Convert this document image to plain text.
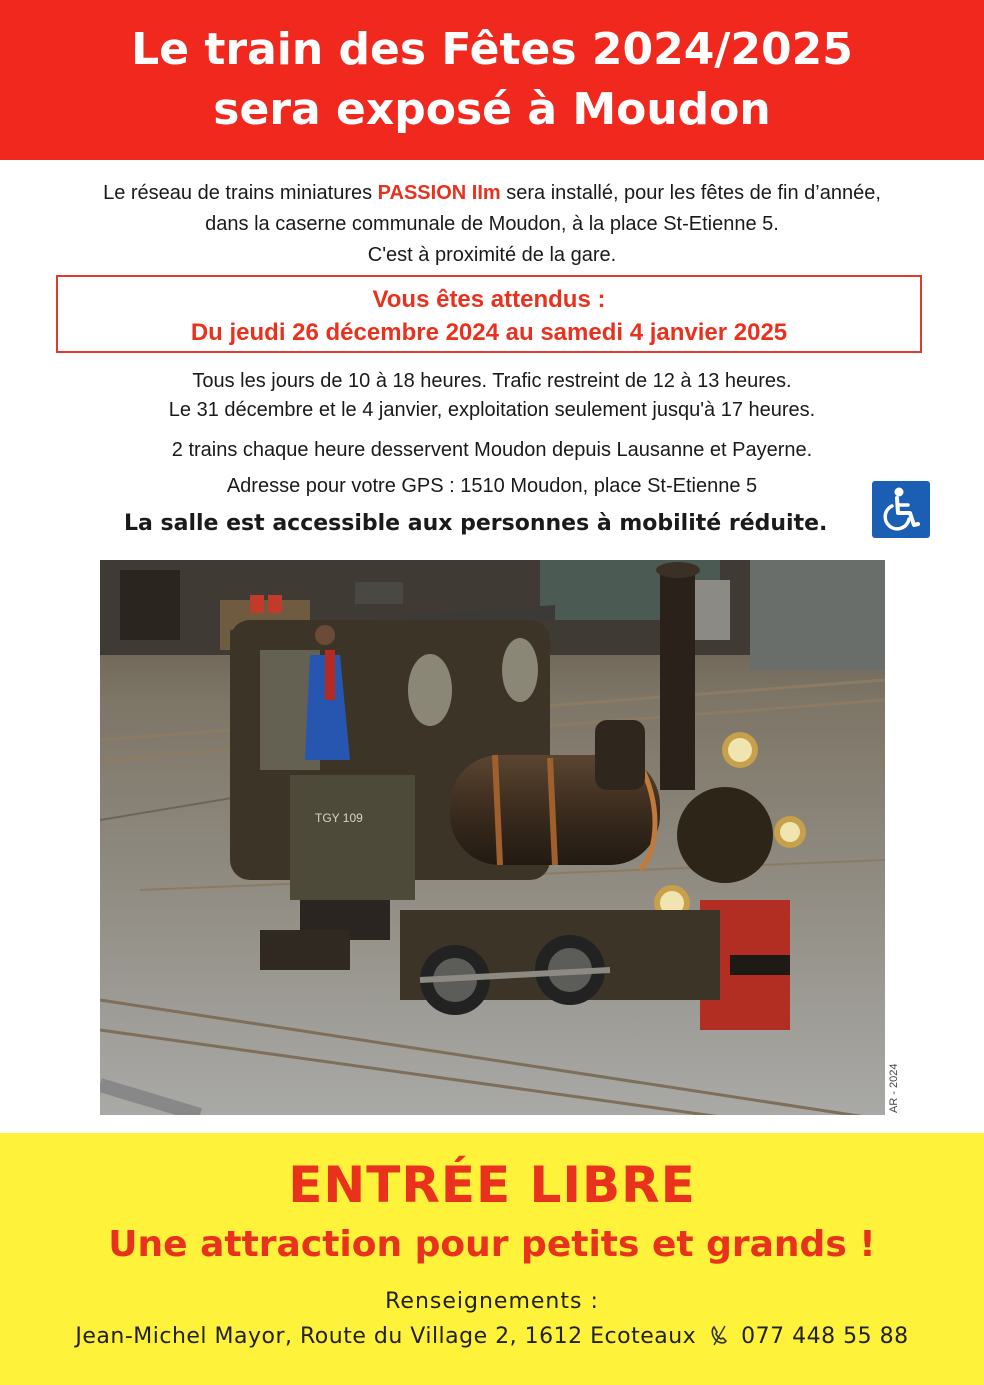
Le train des Fêtes 2024/2025
sera exposé à Moudon
Le réseau de trains miniatures PASSION IIm sera installé, pour les fêtes de fin d’année,
dans la caserne communale de Moudon, à la place St-Etienne 5.
C'est à proximité de la gare.
Vous êtes attendus :
Du jeudi 26 décembre 2024 au samedi 4 janvier 2025
Tous les jours de 10 à 18 heures. Trafic restreint de 12 à 13 heures.
Le 31 décembre et le 4 janvier, exploitation seulement jusqu'à 17 heures.
2 trains chaque heure desservent Moudon depuis Lausanne et Payerne.
Adresse pour votre GPS : 1510 Moudon, place St-Etienne 5
La salle est accessible aux personnes à mobilité réduite.
TGY 109
AR - 2024
ENTRÉE LIBRE
Une attraction pour petits et grands !
Renseignements :
Jean-Michel Mayor, Route du Village 2, 1612 Ecoteaux 077 448 55 88
